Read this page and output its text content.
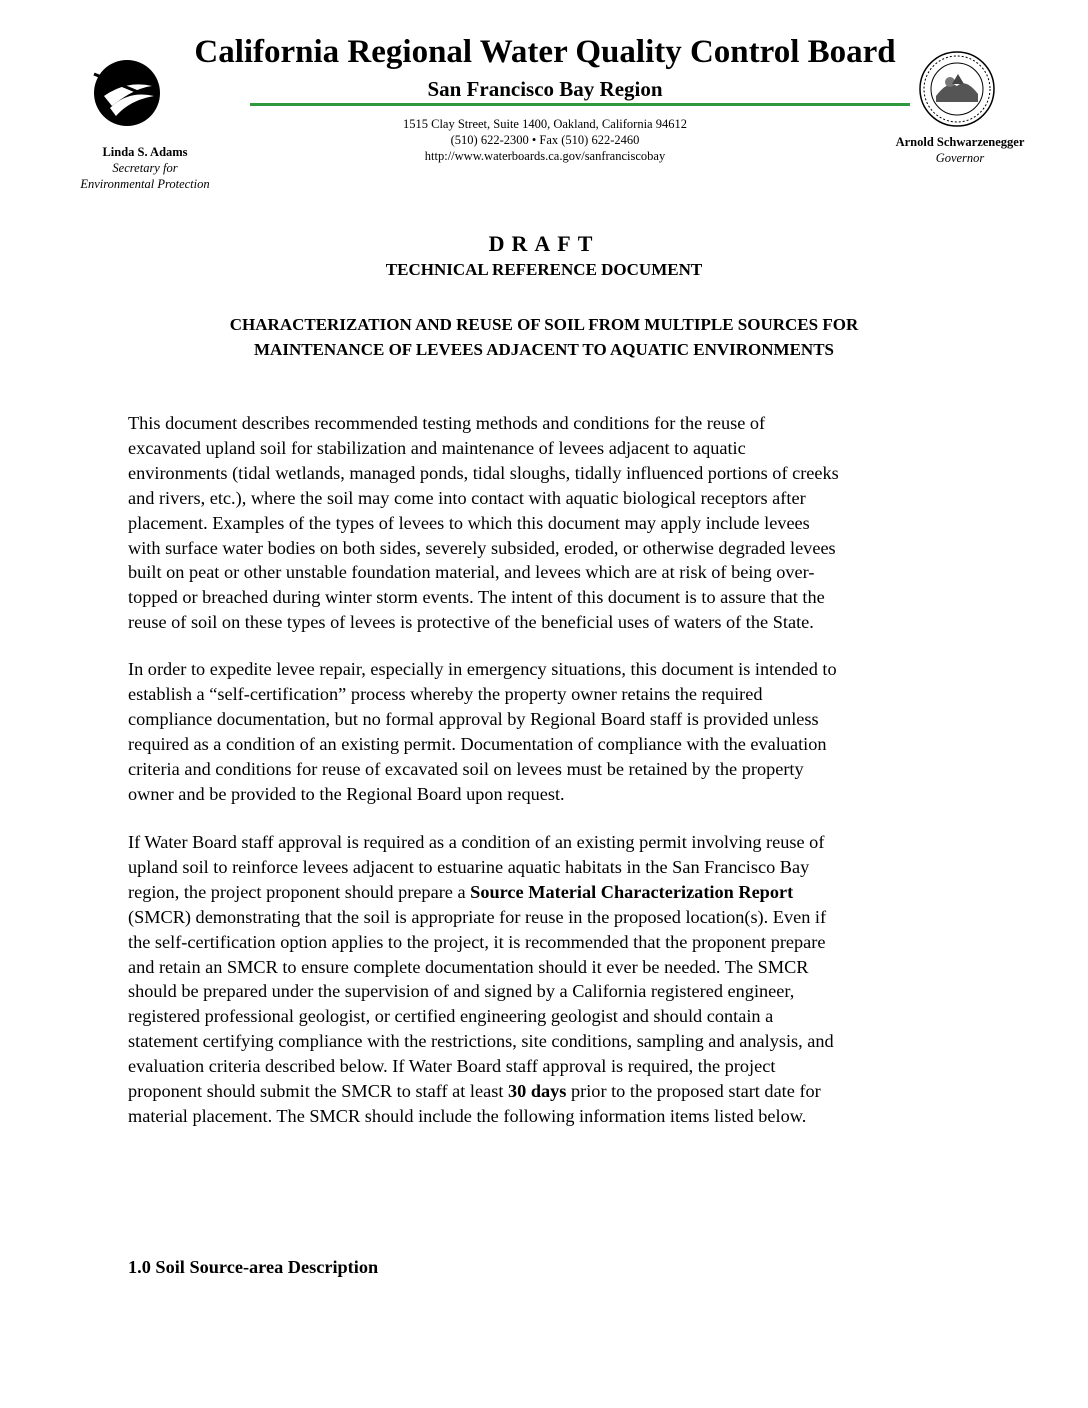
Linda S. Adams
Secretary for
Environmental Protection
California Regional Water Quality Control Board
San Francisco Bay Region
1515 Clay Street, Suite 1400, Oakland, California 94612
(510) 622-2300 • Fax (510) 622-2460
http://www.waterboards.ca.gov/sanfranciscobay
Arnold Schwarzenegger
Governor
DRAFT
TECHNICAL REFERENCE DOCUMENT
CHARACTERIZATION AND REUSE OF SOIL FROM MULTIPLE SOURCES FOR
MAINTENANCE OF LEVEES ADJACENT TO AQUATIC ENVIRONMENTS
This document describes recommended testing methods and conditions for the reuse of
excavated upland soil for stabilization and maintenance of levees adjacent to aquatic
environments (tidal wetlands, managed ponds, tidal sloughs, tidally influenced portions of creeks
and rivers, etc.), where the soil may come into contact with aquatic biological receptors after
placement. Examples of the types of levees to which this document may apply include levees
with surface water bodies on both sides, severely subsided, eroded, or otherwise degraded levees
built on peat or other unstable foundation material, and levees which are at risk of being over-
topped or breached during winter storm events. The intent of this document is to assure that the
reuse of soil on these types of levees is protective of the beneficial uses of waters of the State.
In order to expedite levee repair, especially in emergency situations, this document is intended to
establish a “self-certification” process whereby the property owner retains the required
compliance documentation, but no formal approval by Regional Board staff is provided unless
required as a condition of an existing permit. Documentation of compliance with the evaluation
criteria and conditions for reuse of excavated soil on levees must be retained by the property
owner and be provided to the Regional Board upon request.
If Water Board staff approval is required as a condition of an existing permit involving reuse of
upland soil to reinforce levees adjacent to estuarine aquatic habitats in the San Francisco Bay
region, the project proponent should prepare a Source Material Characterization Report
(SMCR) demonstrating that the soil is appropriate for reuse in the proposed location(s). Even if
the self-certification option applies to the project, it is recommended that the proponent prepare
and retain an SMCR to ensure complete documentation should it ever be needed. The SMCR
should be prepared under the supervision of and signed by a California registered engineer,
registered professional geologist, or certified engineering geologist and should contain a
statement certifying compliance with the restrictions, site conditions, sampling and analysis, and
evaluation criteria described below. If Water Board staff approval is required, the project
proponent should submit the SMCR to staff at least 30 days prior to the proposed start date for
material placement. The SMCR should include the following information items listed below.
1.0 Soil Source-area Description
